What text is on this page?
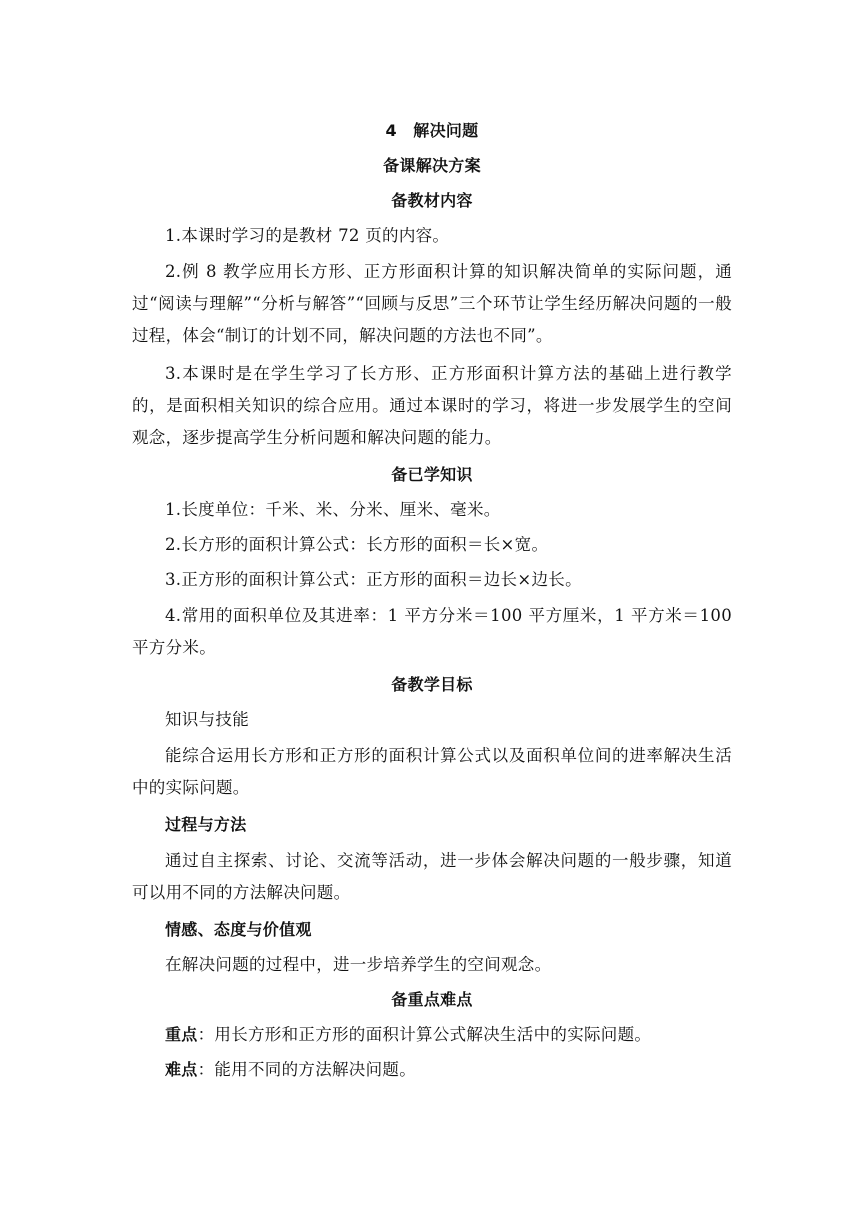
4　解决问题
备课解决方案
备教材内容
1.本课时学习的是教材 72 页的内容。
2.例 8 教学应用长方形、正方形面积计算的知识解决简单的实际问题，通过“阅读与理解”“分析与解答”“回顾与反思”三个环节让学生经历解决问题的一般过程，体会“制订的计划不同，解决问题的方法也不同”。
3.本课时是在学生学习了长方形、正方形面积计算方法的基础上进行教学的，是面积相关知识的综合应用。通过本课时的学习，将进一步发展学生的空间观念，逐步提高学生分析问题和解决问题的能力。
备已学知识
1.长度单位：千米、米、分米、厘米、毫米。
2.长方形的面积计算公式：长方形的面积＝长×宽。
3.正方形的面积计算公式：正方形的面积＝边长×边长。
4.常用的面积单位及其进率：1 平方分米＝100 平方厘米，1 平方米＝100 平方分米。
备教学目标
知识与技能
能综合运用长方形和正方形的面积计算公式以及面积单位间的进率解决生活中的实际问题。
过程与方法
通过自主探索、讨论、交流等活动，进一步体会解决问题的一般步骤，知道可以用不同的方法解决问题。
情感、态度与价值观
在解决问题的过程中，进一步培养学生的空间观念。
备重点难点
重点：用长方形和正方形的面积计算公式解决生活中的实际问题。
难点：能用不同的方法解决问题。
